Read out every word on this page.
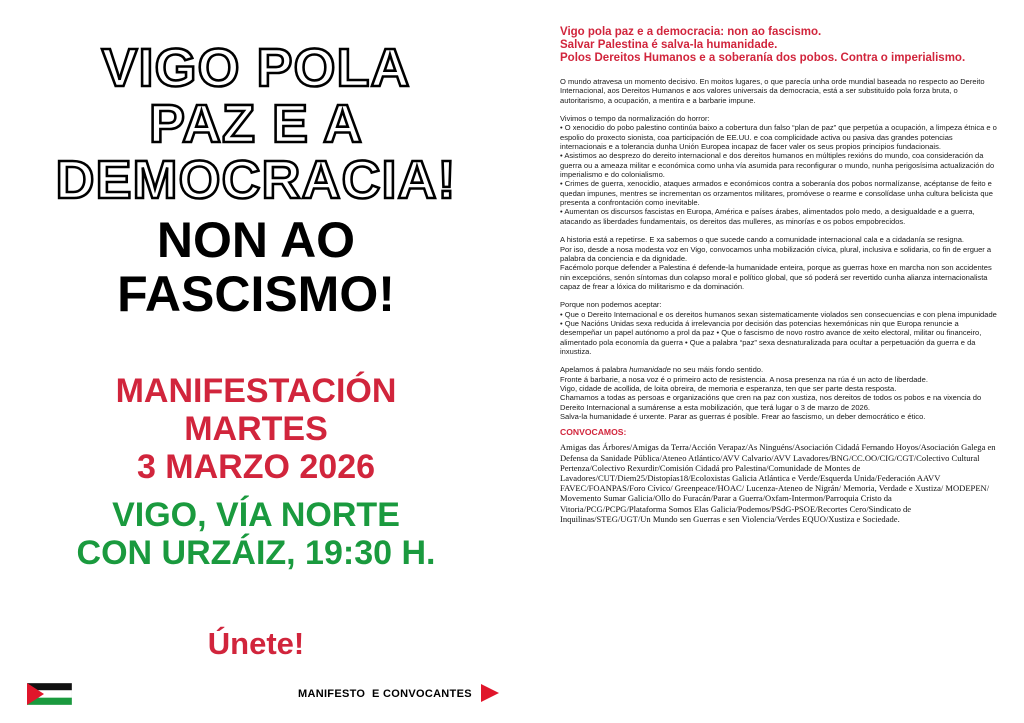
VIGO POLA
PAZ E A
DEMOCRACIA!
NON AO
FASCISMO!
MANIFESTACIÓN
MARTES
3 MARZO 2026
VIGO, VÍA NORTE
CON URZÁIZ, 19:30 H.
Únete!
MANIFESTO  E CONVOCANTES

Vigo pola paz e a democracia: non ao fascismo.

Salvar Palestina é salva-la humanidade.

Polos Dereitos Humanos e a soberanía dos pobos. Contra o imperialismo.

O mundo atravesa un momento decisivo. En moitos lugares, o que parecía unha orde mundial baseada no respecto ao Dereito Internacional, aos Dereitos Humanos e aos valores universais da democracia, está a ser substituído pola forza bruta, o autoritarismo, a ocupación, a mentira e a barbarie impune.

Vivimos o tempo da normalización do horror:

• O xenocidio do pobo palestino continúa baixo a cobertura dun falso “plan de paz” que perpetúa a ocupación, a limpeza étnica e o espolio do proxecto sionista, coa participación de EE.UU. e coa complicidade activa ou pasiva das grandes potencias internacionais e a tolerancia dunha Unión Europea incapaz de facer valer os seus propios principios fundacionais.

• Asistimos ao desprezo do dereito internacional e dos dereitos humanos en múltiples rexións do mundo, coa consideración da guerra ou a ameaza militar e económica como unha vía asumida para reconfigurar o mundo, nunha perigosísima actualización do imperialismo e do colonialismo.

• Crimes de guerra, xenocidio, ataques armados e económicos contra a soberanía dos pobos normalízanse, acéptanse de feito e quedan impunes, mentres se incrementan os orzamentos militares, promóvese o rearme e consolídase unha cultura belicista que presenta a confrontación como inevitable.

• Aumentan os discursos fascistas en Europa, América e países árabes, alimentados polo medo, a desigualdade e a guerra, atacando as liberdades fundamentais, os dereitos das mulleres, as minorías e os pobos empobrecidos.

A historia está a repetirse. E xa sabemos o que sucede cando a comunidade internacional cala e a cidadanía se resigna.

Por iso, desde a nosa modesta voz en Vigo, convocamos unha mobilización cívica, plural, inclusiva e solidaria, co fin de erguer a palabra da conciencia e da dignidade.

Facémolo porque defender a Palestina é defende-la humanidade enteira, porque as guerras hoxe en marcha non son accidentes nin excepcións, senón síntomas dun colapso moral e político global, que só poderá ser revertido cunha alianza internacionalista capaz de frear a lóxica do militarismo e da dominación.

Porque non podemos aceptar:

• Que o Dereito Internacional e os dereitos humanos sexan sistematicamente violados sen consecuencias e con plena impunidade • Que Nacións Unidas sexa reducida á irrelevancia por decisión das potencias hexemónicas nin que Europa renuncie a desempeñar un papel autónomo a prol da paz • Que o fascismo de novo rostro avance de xeito electoral, militar ou financeiro, alimentado pola economía da guerra • Que a palabra “paz” sexa desnaturalizada para ocultar a perpetuación da guerra e da inxustiza.

Apelamos á palabra humanidade no seu máis fondo sentido.

Fronte á barbarie, a nosa voz é o primeiro acto de resistencia. A nosa presenza na rúa é un acto de liberdade.

Vigo, cidade de acollida, de loita obreira, de memoria e esperanza, ten que ser parte desta resposta.

Chamamos a todas as persoas e organizacións que cren na paz con xustiza, nos dereitos de todos os pobos e na vixencia do Dereito Internacional a sumárense a esta mobilización, que terá lugar o 3 de marzo de 2026.

Salva-la humanidade é urxente. Parar as guerras é posible. Frear ao fascismo, un deber democrático e ético.

CONVOCAMOS:

Amigas das Árbores/Amigas da Terra/Acción Verapaz/As Ninguéns/Asociación Cidadá Fernando Hoyos/Asociación Galega en Defensa da Sanidade Pública/Ateneo Atlántico/AVV Calvario/AVV Lavadores/BNG/CC.OO/CIG/CGT/Colectivo Cultural Pertenza/Colectivo Rexurdir/Comisión Cidadá pro Palestina/Comunidade de Montes de Lavadores/CUT/Diem25/Distopías18/Ecoloxistas Galicia Atlántica e Verde/Esquerda Unida/Federación AAVV FAVEC/FOANPAS/Foro Cívico/ Greenpeace/HOAC/ Lucenza-Ateneo de Nigrán/ Memoria, Verdade e Xustiza/ MODEPEN/ Movemento Sumar Galicia/Ollo do Furacán/Parar a Guerra/Oxfam-Intermon/Parroquia Cristo da Vitoria/PCG/PCPG/Plataforma Somos Elas Galicia/Podemos/PSdG-PSOE/Recortes Cero/Sindicato de Inquilinas/STEG/UGT/Un Mundo sen Guerras e sen Violencia/Verdes EQUO/Xustiza e Sociedade.
